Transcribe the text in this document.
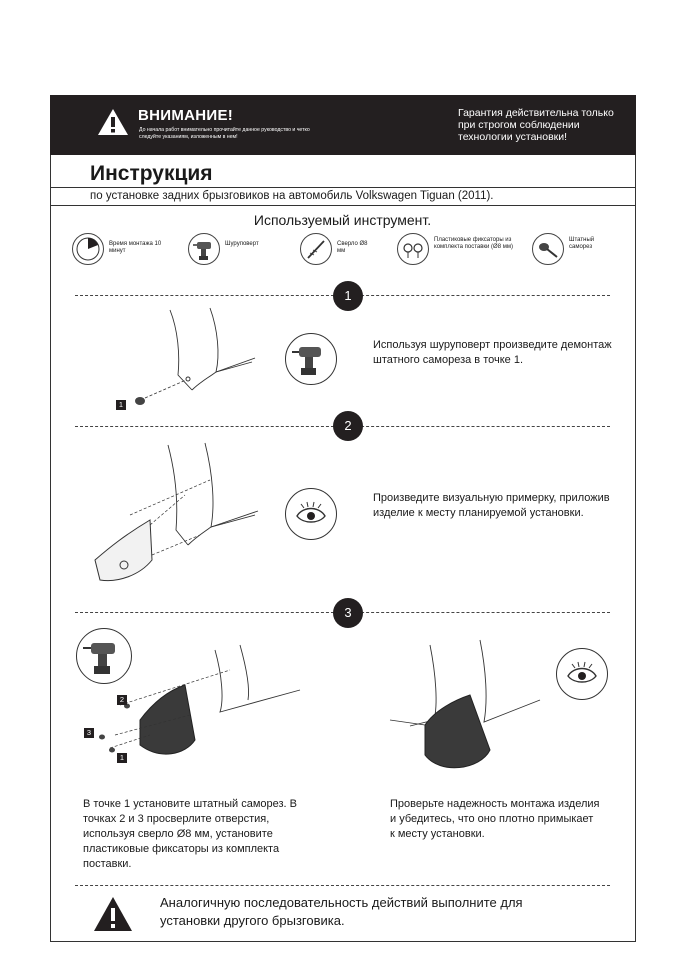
ВНИМАНИЕ!
До начала работ внимательно прочитайте данное руководство и четко следуйте указаниям, изложенным в нем!
Гарантия действительна только при строгом соблюдении технологии установки!
Инструкция
по установке задних брызговиков на автомобиль Volkswagen Tiguan (2011).
Используемый инструмент.
Время монтажа 10 минут
Шуруповерт	Сверло Ø8 мм
Пластиковые фиксаторы из комплекта поставки (Ø8 мм)
Штатный саморез
1
1
Используя шуруповерт произведите демонтаж штатного самореза в точке 1.
2
Произведите визуальную примерку, приложив изделие к месту планируемой установки.
3
2
3
1
В точке 1 установите штатный саморез. В точках 2 и 3 просверлите отверстия, используя сверло Ø8 мм, установите пластиковые фиксаторы из комплекта поставки.
Проверьте надежность монтажа изделия и убедитесь, что оно плотно примыкает к месту установки.
Аналогичную последовательность действий выполните для установки другого брызговика.
